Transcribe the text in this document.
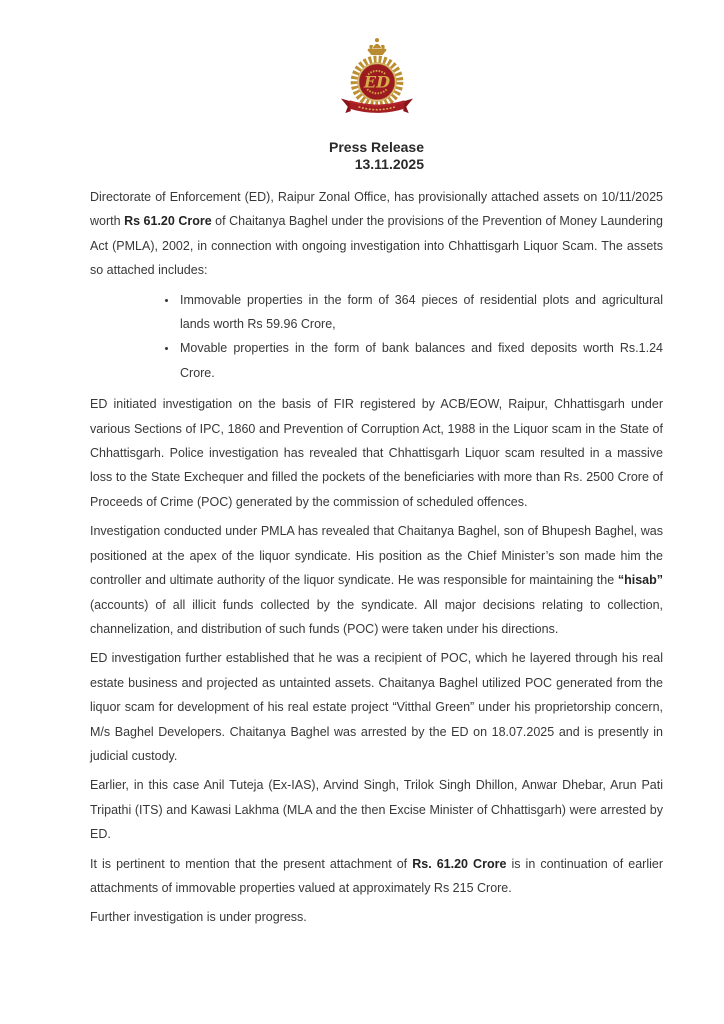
ED
Press Release
13.11.2025

Directorate of Enforcement (ED), Raipur Zonal Office, has provisionally attached assets on 10/11/2025 worth Rs 61.20 Crore of Chaitanya Baghel under the provisions of the Prevention of Money Laundering Act (PMLA), 2002, in connection with ongoing investigation into Chhattisgarh Liquor Scam. The assets so attached includes:

• Immovable properties in the form of 364 pieces of residential plots and agricultural lands worth Rs 59.96 Crore,
• Movable properties in the form of bank balances and fixed deposits worth Rs.1.24 Crore.

ED initiated investigation on the basis of FIR registered by ACB/EOW, Raipur, Chhattisgarh under various Sections of IPC, 1860 and Prevention of Corruption Act, 1988 in the Liquor scam in the State of Chhattisgarh. Police investigation has revealed that Chhattisgarh Liquor scam resulted in a massive loss to the State Exchequer and filled the pockets of the beneficiaries with more than Rs. 2500 Crore of Proceeds of Crime (POC) generated by the commission of scheduled offences.

Investigation conducted under PMLA has revealed that Chaitanya Baghel, son of Bhupesh Baghel, was positioned at the apex of the liquor syndicate. His position as the Chief Minister’s son made him the controller and ultimate authority of the liquor syndicate. He was responsible for maintaining the “hisab” (accounts) of all illicit funds collected by the syndicate. All major decisions relating to collection, channelization, and distribution of such funds (POC) were taken under his directions.

ED investigation further established that he was a recipient of POC, which he layered through his real estate business and projected as untainted assets. Chaitanya Baghel utilized POC generated from the liquor scam for development of his real estate project “Vitthal Green” under his proprietorship concern, M/s Baghel Developers. Chaitanya Baghel was arrested by the ED on 18.07.2025 and is presently in judicial custody.

Earlier, in this case Anil Tuteja (Ex-IAS), Arvind Singh, Trilok Singh Dhillon, Anwar Dhebar, Arun Pati Tripathi (ITS) and Kawasi Lakhma (MLA and the then Excise Minister of Chhattisgarh) were arrested by ED.

It is pertinent to mention that the present attachment of Rs. 61.20 Crore is in continuation of earlier attachments of immovable properties valued at approximately Rs 215 Crore.

Further investigation is under progress.
